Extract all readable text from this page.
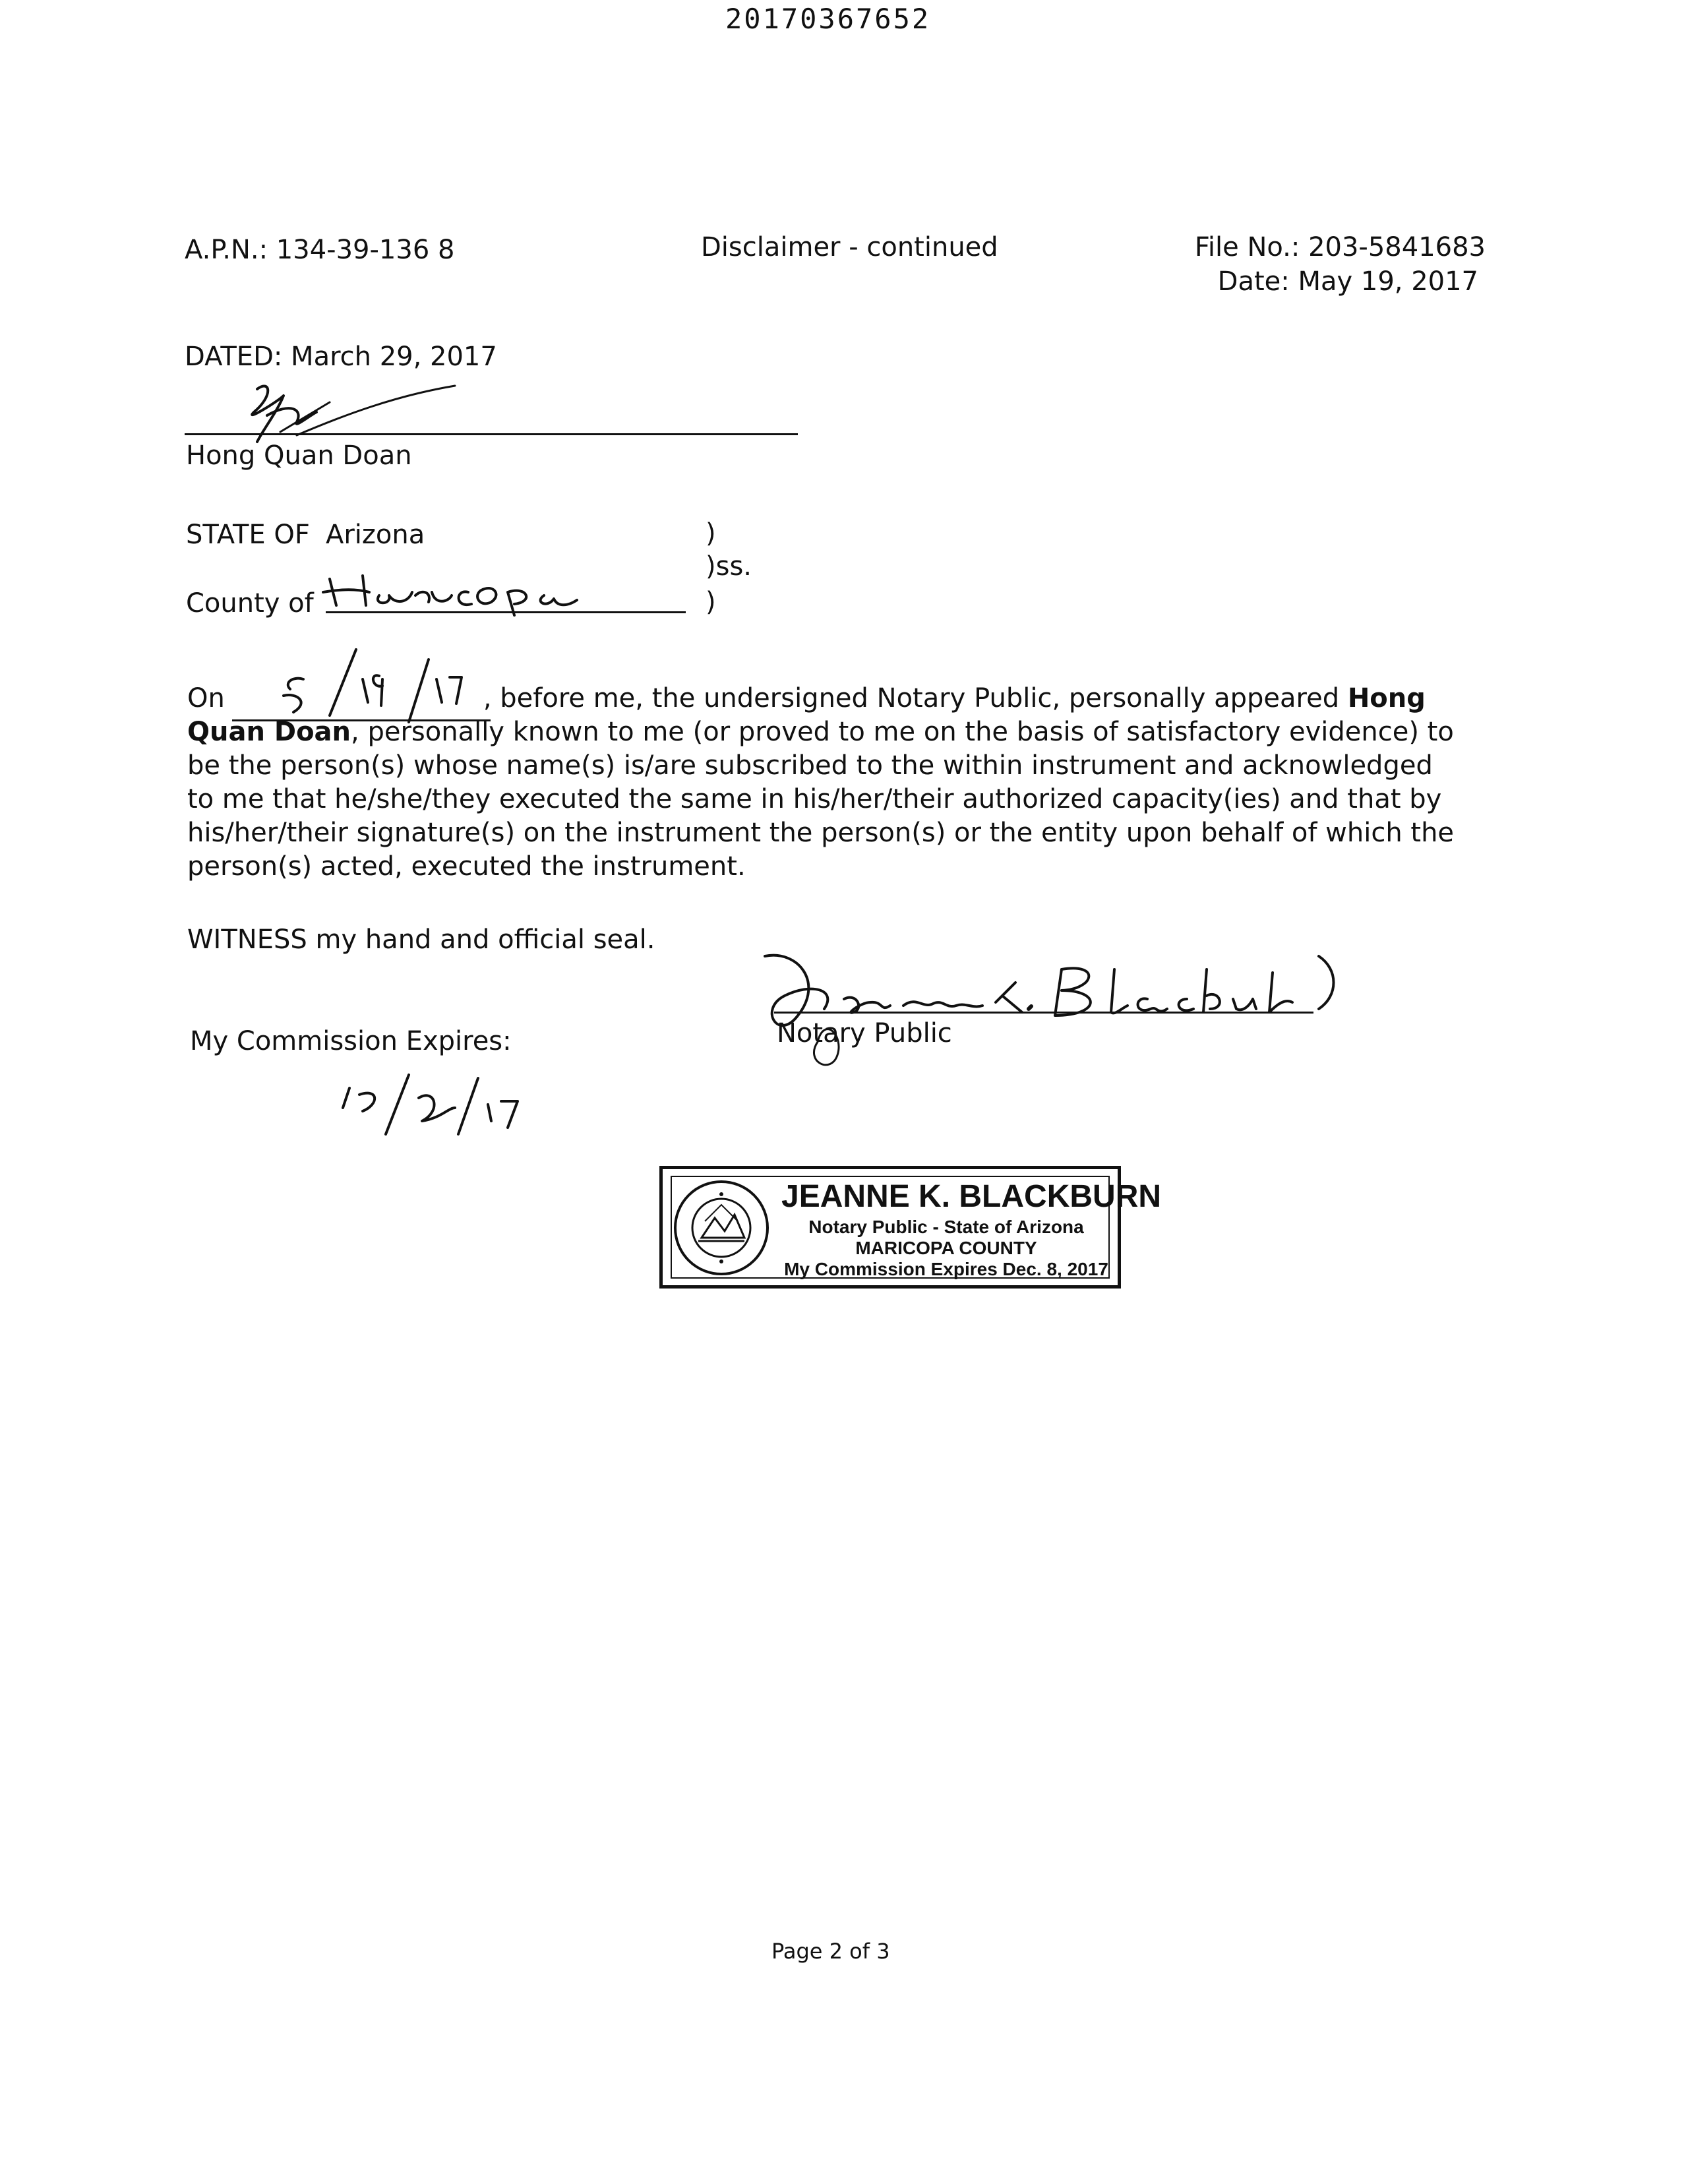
20170367652
A.P.N.: 134-39-136 8	Disclaimer - continued	File No.: 203-5841683
Date: May 19, 2017
DATED: March 29, 2017
Hong Quan Doan
STATE OF Arizona
County of
)
)ss.
)
On	, before me, the undersigned Notary Public, personally appeared Hong Quan Doan, personally known to me (or proved to me on the basis of satisfactory evidence) to be the person(s) whose name(s) is/are subscribed to the within instrument and acknowledged to me that he/she/they executed the same in his/her/their authorized capacity(ies) and that by his/her/their signature(s) on the instrument the person(s) or the entity upon behalf of which the person(s) acted, executed the instrument.
WITNESS my hand and official seal.
My Commission Expires:	Notary Public
JEANNE K. BLACKBURN
Notary Public - State of Arizona
MARICOPA COUNTY
My Commission Expires Dec. 8, 2017
Page 2 of 3
